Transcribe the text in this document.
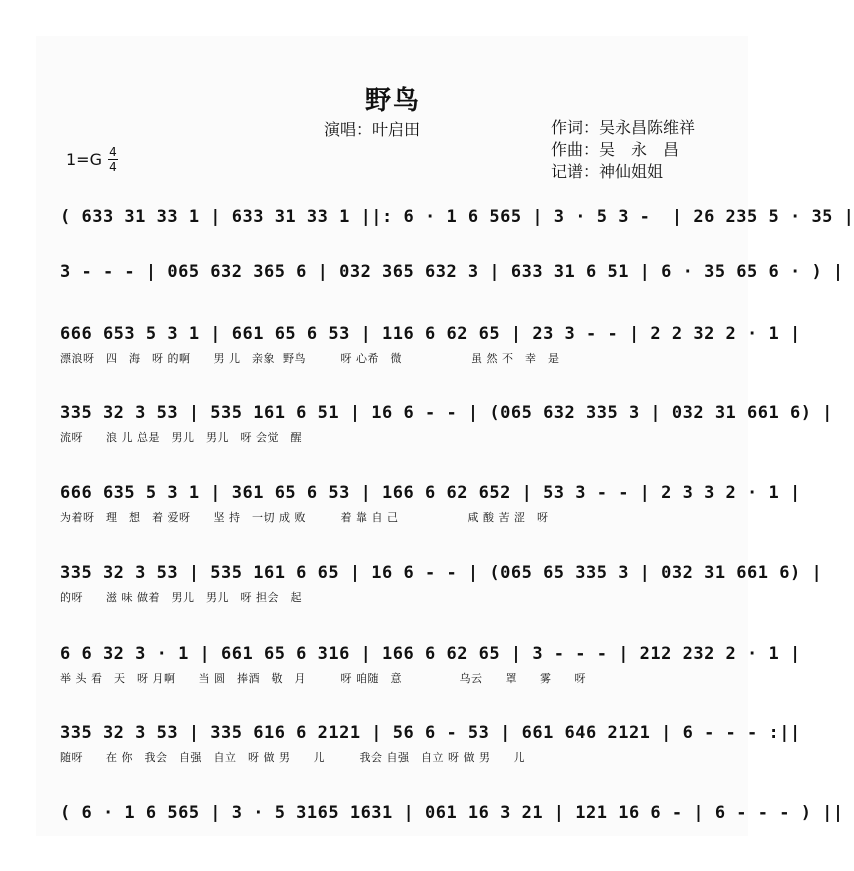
野鸟
演唱：叶启田	作词：吴永昌陈维祥
作曲：吴　永　昌
记谱：神仙姐姐
$1=G \frac{4}{4}$
( 633 31 33 1 | 633 31 33 1 ||: 6 · 1 6 565 | 3 · 5 3 -  | 26 235 5 · 35 |
3 - - - | 065 632 365 6 | 032 365 632 3 | 633 31 6 51 | 6 · 35 65 6 · ) |
666 653 5 3 1 | 661 65 6 53 | 116 6 62 65 | 23 3 - - | 2 2 32 2 · 1 |
漂浪呀　四　海　呀 的啊　　男 儿　亲象  野鸟　　　呀 心希　微　　　　　　虽 然 不　幸　是
335 32 3 53 | 535 161 6 51 | 16 6 - - | (065 632 335 3 | 032 31 661 6) |
流呀　　浪 儿 总是　男儿　男儿　呀 会觉　醒
666 635 5 3 1 | 361 65 6 53 | 166 6 62 652 | 53 3 - - | 2 3 3 2 · 1 |
为着呀　理　想　着 爱呀　　坚 持　一切 成 败　　　着 靠 自 己　　　　　　咸 酸 苦 涩　呀
335 32 3 53 | 535 161 6 65 | 16 6 - - | (065 65 335 3 | 032 31 661 6) |
的呀　　滋 味 做着　男儿　男儿　呀 担会　起
6 6 32 3 · 1 | 661 65 6 316 | 166 6 62 65 | 3 - - - | 212 232 2 · 1 |
举 头 看　天　呀 月啊　　当 圆　捧酒　敬　月　　　呀 咱随　意　　　　　乌云　　罩　　雾　　呀
335 32 3 53 | 335 616 6 2121 | 56 6 - 53 | 661 646 2121 | 6 - - - :||
随呀　　在 你　我会　自强　自立　呀 做 男　　儿　　　我会 自强　自立 呀 做 男　　儿
( 6 · 1 6 565 | 3 · 5 3165 1631 | 061 16 3 21 | 121 16 6 - | 6 - - - ) ||
